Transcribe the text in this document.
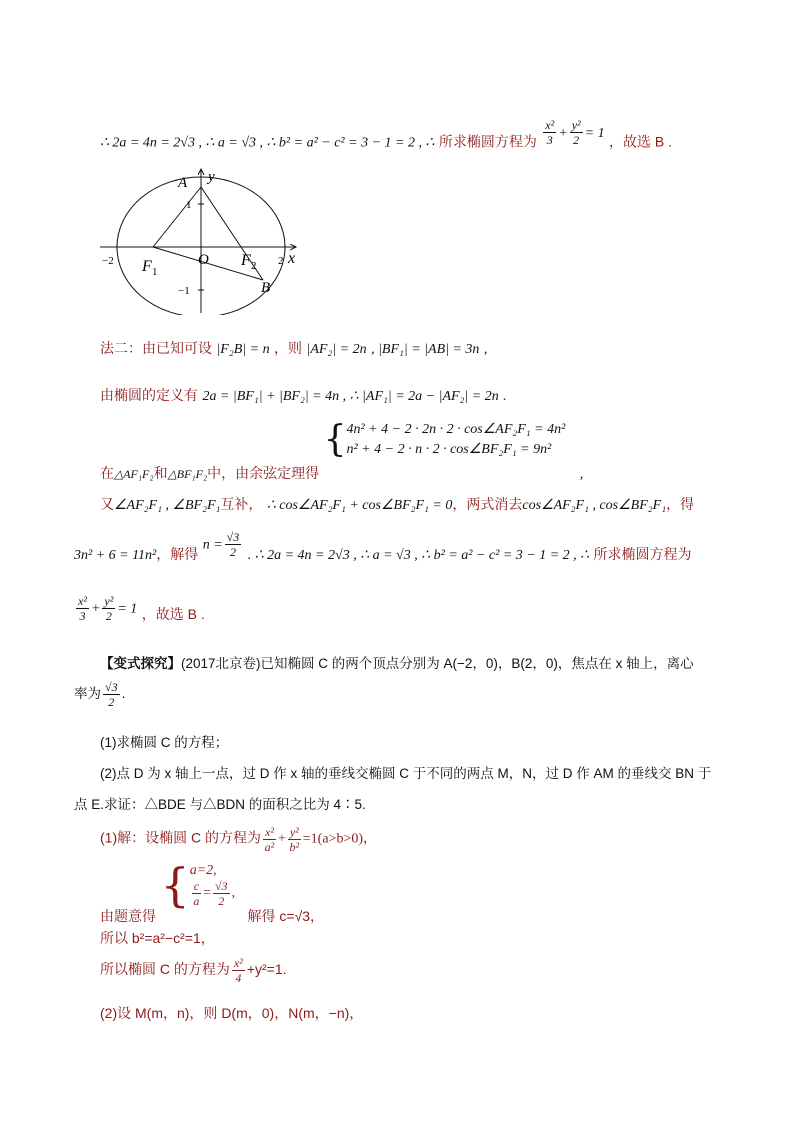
∴ 2a = 4n = 2√3 , ∴ a = √3 , ∴ b² = a² − c² = 3 − 1 = 2 , ∴ 所求椭圆方程为 $\frac{\text{x²}}{3} + \frac{\text{y²}}{2} = 1$ ，故选 B .
A y
x
O
F 1
F 2
B
1
−1
−2	2
法二：由已知可设 |F₂B| = n ，则 |AF₂| = 2n , |BF₁| = |AB| = 3n ,
由椭圆的定义有 2a = |BF₁| + |BF₂| = 4n , ∴ |AF₁| = 2a − |AF₂| = 2n .
在△AF₁F₂和△BF₁F₂中，由余弦定理得
{ 4n² + 4 − 2 · 2n · 2 · cos∠AF₂F₁ = 4n²
n² + 4 − 2 · n · 2 · cos∠BF₂F₁ = 9n²
,
又∠AF₂F₁ , ∠BF₂F₁互补， ∴ cos∠AF₂F₁ + cos∠BF₂F₁ = 0，两式消去cos∠AF₂F₁ , cos∠BF₂F₁，得
3n² + 6 = 11n²，解得 $n = \frac{√3}{2}$ . ∴ 2a = 4n = 2√3 , ∴ a = √3 , ∴ b² = a² − c² = 3 − 1 = 2 , ∴ 所求椭圆方程为
$\frac{\text{x²}}{3} + \frac{\text{y²}}{2} = 1$ ，故选 B .
【变式探究】(2017北京卷)已知椭圆 C 的两个顶点分别为 A(−2，0)，B(2，0)，焦点在 x 轴上，离心
率为 $\frac{√3}{2}$ .
(1)求椭圆 C 的方程；
(2)点 D 为 x 轴上一点，过 D 作 x 轴的垂线交椭圆 C 于不同的两点 M，N，过 D 作 AM 的垂线交 BN 于
点 E.求证：△BDE 与△BDN 的面积之比为 4∶5.
(1)解：设椭圆 C 的方程为 $\frac{\text{x²}}{\text{a²}} + \frac{\text{y²}}{\text{b²}} =1(a>b>0)$，
由题意得
{ a=2,
$\frac{c}{a} = \frac{√3}{2}$ ,
解得 c=√3，
所以 b²=a²−c²=1，
所以椭圆 C 的方程为 $\frac{\text{x²}}{4} +y^2=1$.
(2)设 M(m，n)，则 D(m，0)，N(m，−n)，
